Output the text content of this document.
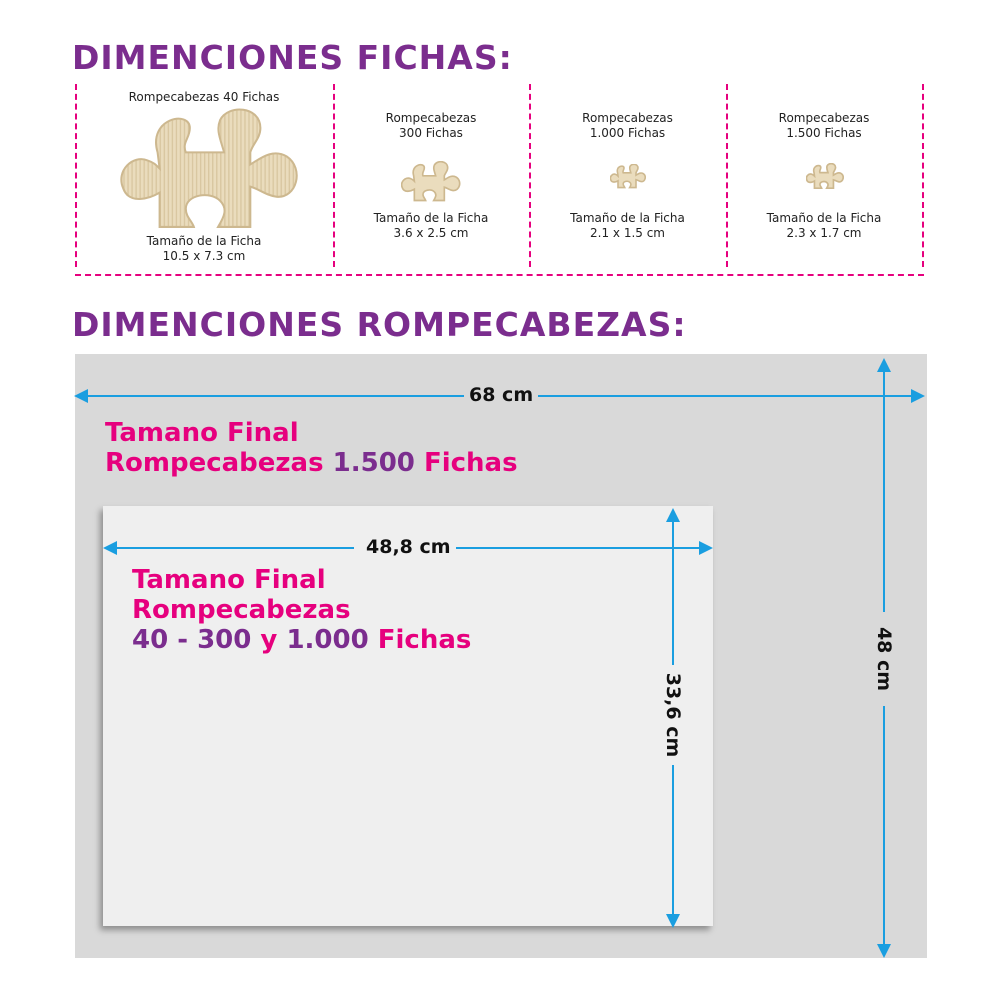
DIMENCIONES FICHAS:

Rompecabezas 40 Fichas

Tamaño de la Ficha
10.5 x 7.3 cm

Rompecabezas
300 Fichas

Tamaño de la Ficha
3.6 x 2.5 cm

Rompecabezas
1.000 Fichas

Tamaño de la Ficha
2.1 x 1.5 cm

Rompecabezas
1.500 Fichas

Tamaño de la Ficha
2.3 x 1.7 cm

DIMENCIONES ROMPECABEZAS:
68 cm
48 cm
48,8 cm
33,6 cm
Tamano Final
Rompecabezas 1.500 Fichas
Tamano Final
Rompecabezas
40 - 300 y 1.000 Fichas
